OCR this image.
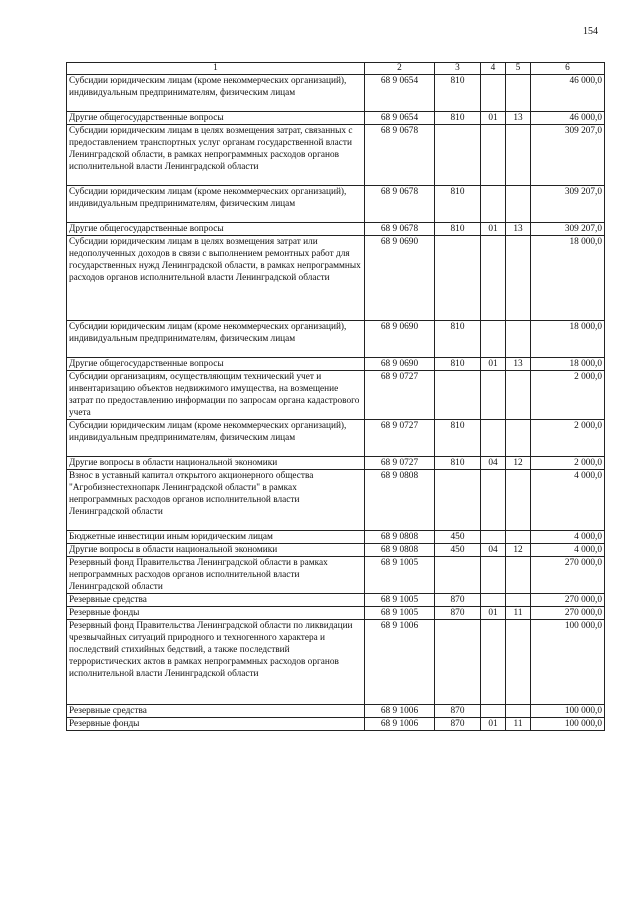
154
1	2	3	4	5	6
Субсидии юридическим лицам (кроме некоммерческих организаций), индивидуальным предпринимателям, физическим лицам	68 9 0654	810			46 000,0
Другие общегосударственные вопросы	68 9 0654	810	01	13	46 000,0
Субсидии юридическим лицам в целях возмещения затрат, связанных с предоставлением транспортных услуг органам государственной власти Ленинградской области, в рамках непрограммных расходов органов исполнительной власти Ленинградской области	68 9 0678				309 207,0
Субсидии юридическим лицам (кроме некоммерческих организаций), индивидуальным предпринимателям, физическим лицам	68 9 0678	810			309 207,0
Другие общегосударственные вопросы	68 9 0678	810	01	13	309 207,0
Субсидии юридическим лицам в целях возмещения затрат или недополученных доходов в связи с выполнением ремонтных работ для государственных нужд Ленинградской области, в рамках непрограммных расходов органов исполнительной власти Ленинградской области	68 9 0690				18 000,0
Субсидии юридическим лицам (кроме некоммерческих организаций), индивидуальным предпринимателям, физическим лицам	68 9 0690	810			18 000,0
Другие общегосударственные вопросы	68 9 0690	810	01	13	18 000,0
Субсидии организациям, осуществляющим технический учет и инвентаризацию объектов недвижимого имущества, на возмещение затрат по предоставлению информации по запросам органа кадастрового учета	68 9 0727				2 000,0
Субсидии юридическим лицам (кроме некоммерческих организаций), индивидуальным предпринимателям, физическим лицам	68 9 0727	810			2 000,0
Другие вопросы в области национальной экономики	68 9 0727	810	04	12	2 000,0
Взнос в уставный капитал открытого акционерного общества "Агробизнестехнопарк Ленинградской области" в рамках непрограммных расходов органов исполнительной власти Ленинградской области	68 9 0808				4 000,0
Бюджетные инвестиции иным юридическим лицам	68 9 0808	450			4 000,0
Другие вопросы в области национальной экономики	68 9 0808	450	04	12	4 000,0
Резервный фонд Правительства Ленинградской области в рамках непрограммных расходов органов исполнительной власти Ленинградской области	68 9 1005				270 000,0
Резервные средства	68 9 1005	870			270 000,0
Резервные фонды	68 9 1005	870	01	11	270 000,0
Резервный фонд Правительства Ленинградской области по ликвидации чрезвычайных ситуаций природного и техногенного характера и последствий стихийных бедствий, а также последствий террористических актов в рамках непрограммных расходов органов исполнительной власти Ленинградской области	68 9 1006				100 000,0
Резервные средства	68 9 1006	870			100 000,0
Резервные фонды	68 9 1006	870	01	11	100 000,0
